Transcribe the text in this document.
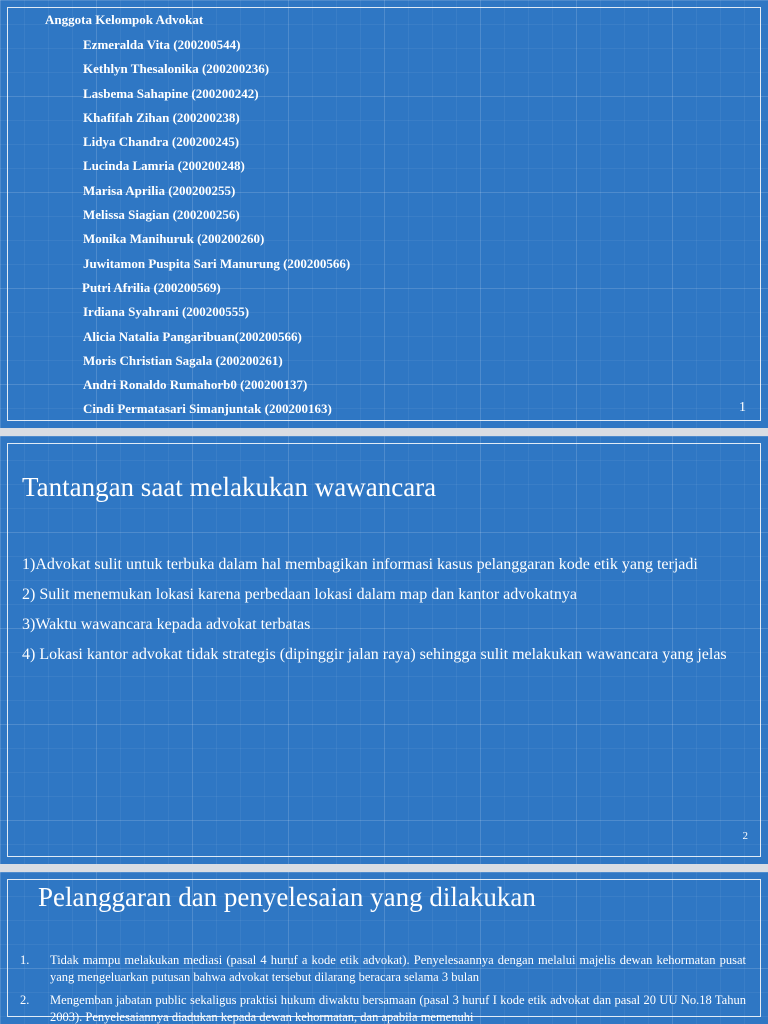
Anggota Kelompok Advokat
Ezmeralda Vita (200200544)
Kethlyn Thesalonika (200200236)
Lasbema Sahapine (200200242)
Khafifah Zihan (200200238)
Lidya Chandra (200200245)
Lucinda Lamria (200200248)
Marisa Aprilia (200200255)
Melissa Siagian (200200256)
Monika Manihuruk (200200260)
Juwitamon Puspita Sari Manurung (200200566)
Putri Afrilia (200200569)
Irdiana Syahrani (200200555)
Alicia Natalia Pangaribuan(200200566)
Moris Christian Sagala (200200261)
Andri Ronaldo Rumahorb0 (200200137)
Cindi Permatasari Simanjuntak (200200163)	1
Tantangan saat melakukan wawancara

1)Advokat sulit untuk terbuka dalam hal membagikan informasi kasus pelanggaran kode etik yang terjadi

2) Sulit menemukan lokasi karena perbedaan lokasi dalam map dan kantor advokatnya

3)Waktu wawancara kepada advokat terbatas

4) Lokasi kantor advokat tidak strategis (dipinggir jalan raya) sehingga sulit melakukan wawancara yang jelas

2
Pelanggaran dan penyelesaian yang dilakukan
1. Tidak mampu melakukan mediasi (pasal 4 huruf a kode etik advokat). Penyelesaannya dengan melalui majelis dewan kehormatan pusat yang mengeluarkan putusan bahwa advokat tersebut dilarang beracara selama 3 bulan
2. Mengemban jabatan public sekaligus praktisi hukum diwaktu bersamaan (pasal 3 huruf I kode etik advokat dan pasal 20 UU No.18 Tahun 2003). Penyelesaiannya diadukan kepada dewan kehormatan, dan apabila memenuhi
